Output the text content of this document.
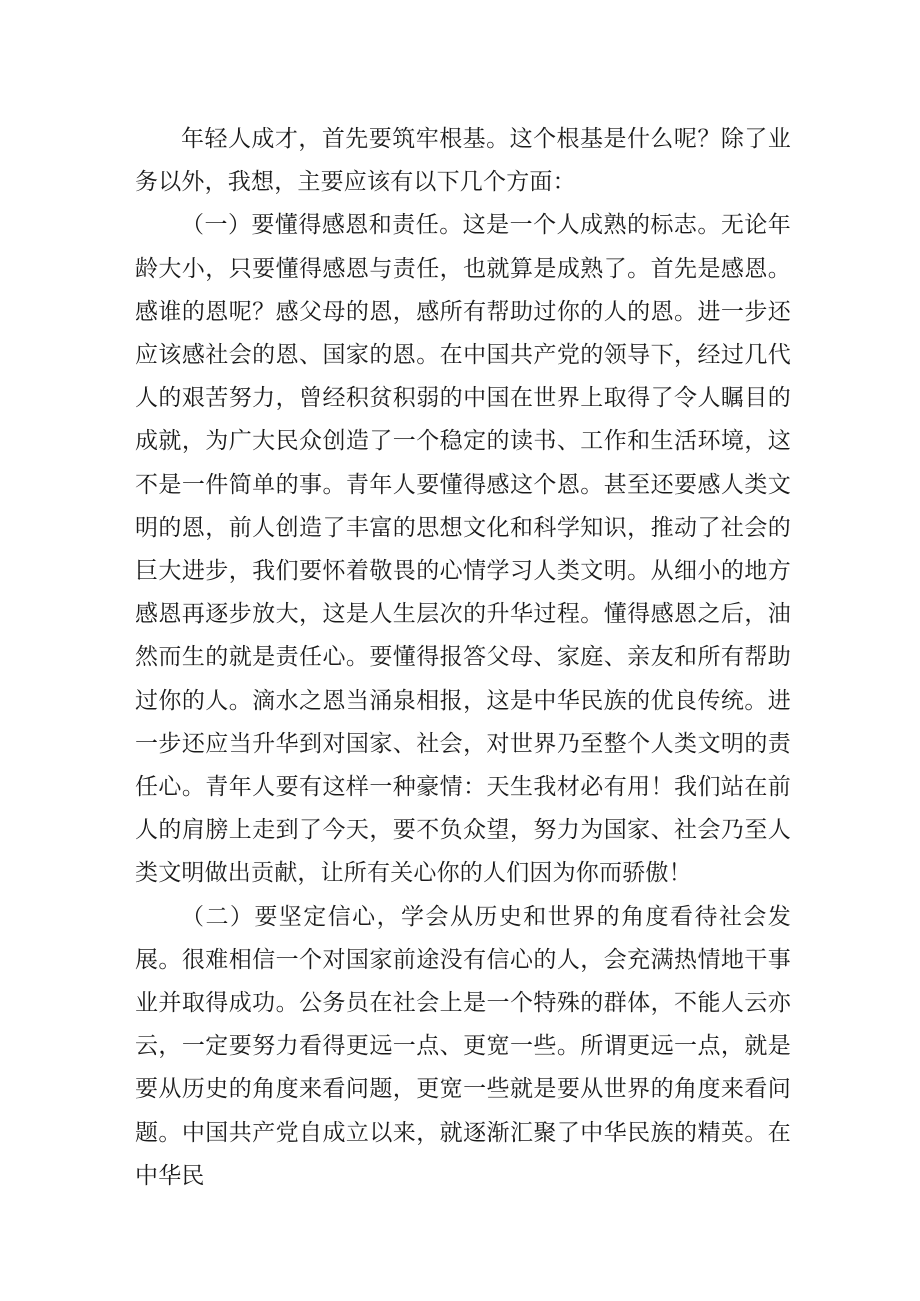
年轻人成才，首先要筑牢根基。这个根基是什么呢？除了业务以外，我想，主要应该有以下几个方面：

（一）要懂得感恩和责任。这是一个人成熟的标志。无论年龄大小，只要懂得感恩与责任，也就算是成熟了。首先是感恩。感谁的恩呢？感父母的恩，感所有帮助过你的人的恩。进一步还应该感社会的恩、国家的恩。在中国共产党的领导下，经过几代人的艰苦努力，曾经积贫积弱的中国在世界上取得了令人瞩目的成就，为广大民众创造了一个稳定的读书、工作和生活环境，这不是一件简单的事。青年人要懂得感这个恩。甚至还要感人类文明的恩，前人创造了丰富的思想文化和科学知识，推动了社会的巨大进步，我们要怀着敬畏的心情学习人类文明。从细小的地方感恩再逐步放大，这是人生层次的升华过程。懂得感恩之后，油然而生的就是责任心。要懂得报答父母、家庭、亲友和所有帮助过你的人。滴水之恩当涌泉相报，这是中华民族的优良传统。进一步还应当升华到对国家、社会，对世界乃至整个人类文明的责任心。青年人要有这样一种豪情：天生我材必有用！我们站在前人的肩膀上走到了今天，要不负众望，努力为国家、社会乃至人类文明做出贡献，让所有关心你的人们因为你而骄傲！

（二）要坚定信心，学会从历史和世界的角度看待社会发展。很难相信一个对国家前途没有信心的人，会充满热情地干事业并取得成功。公务员在社会上是一个特殊的群体，不能人云亦云，一定要努力看得更远一点、更宽一些。所谓更远一点，就是要从历史的角度来看问题，更宽一些就是要从世界的角度来看问题。中国共产党自成立以来，就逐渐汇聚了中华民族的精英。在中华民
